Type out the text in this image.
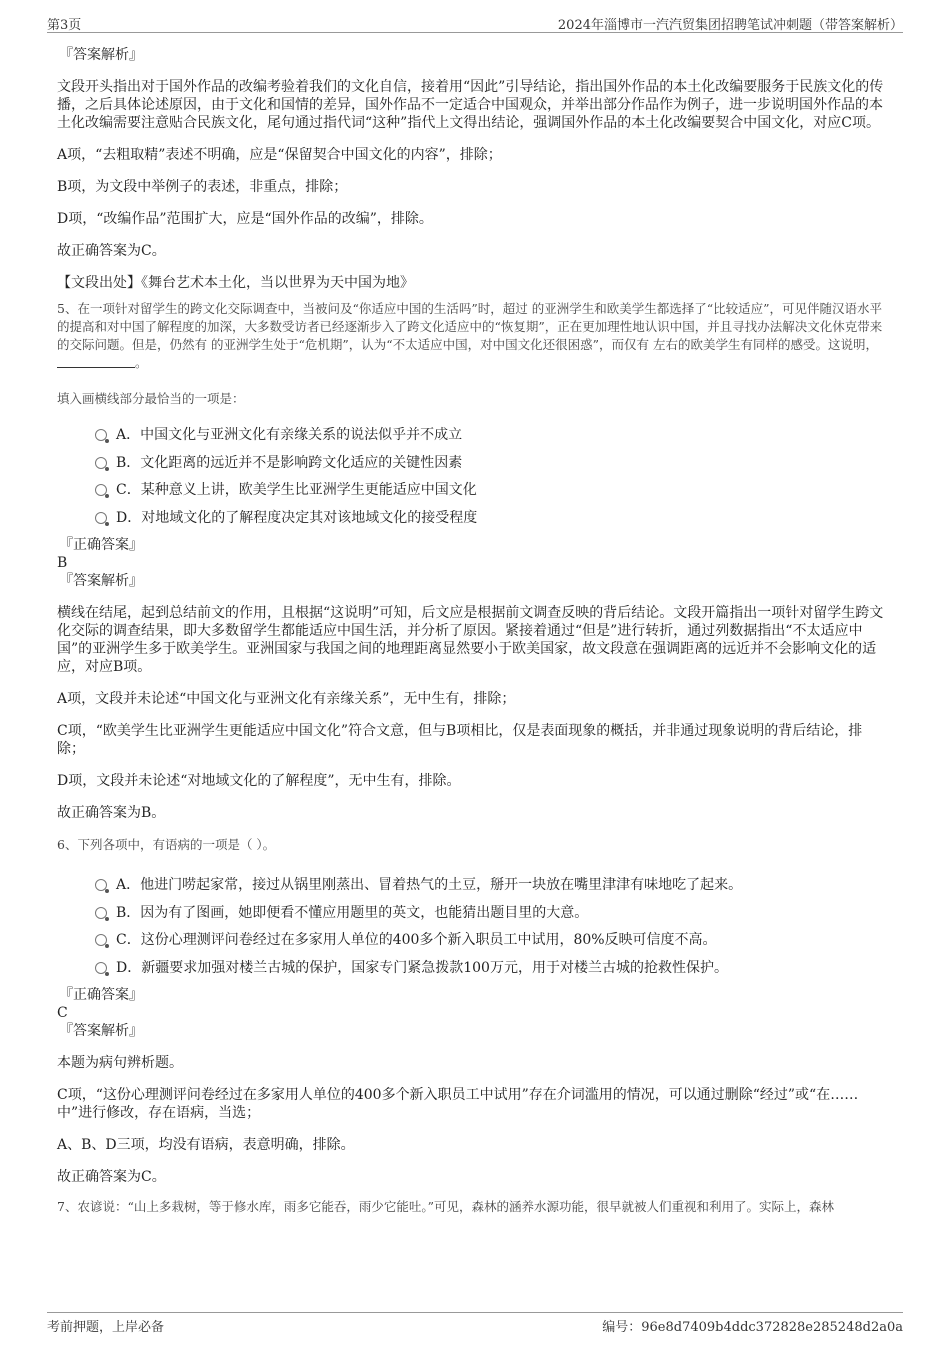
第3页	2024年淄博市一汽汽贸集团招聘笔试冲刺题（带答案解析）

『答案解析』

文段开头指出对于国外作品的改编考验着我们的文化自信，接着用“因此”引导结论，指出国外作品的本土化改编要服务于民族文化的传播，之后具体论述原因，由于文化和国情的差异，国外作品不一定适合中国观众，并举出部分作品作为例子，进一步说明国外作品的本土化改编需要注意贴合民族文化，尾句通过指代词“这种”指代上文得出结论，强调国外作品的本土化改编要契合中国文化，对应C项。

A项，“去粗取精”表述不明确，应是“保留契合中国文化的内容”，排除；

B项，为文段中举例子的表述，非重点，排除；

D项，“改编作品”范围扩大，应是“国外作品的改编”，排除。

故正确答案为C。

【文段出处】《舞台艺术本土化，当以世界为天中国为地》

5、在一项针对留学生的跨文化交际调查中，当被问及“你适应中国的生活吗”时，超过 的亚洲学生和欧美学生都选择了“比较适应”，可见伴随汉语水平的提高和对中国了解程度的加深，大多数受访者已经逐渐步入了跨文化适应中的“恢复期”，正在更加理性地认识中国，并且寻找办法解决文化休克带来的交际问题。但是，仍然有 的亚洲学生处于“危机期”，认为“不太适应中国，对中国文化还很困惑”，而仅有 左右的欧美学生有同样的感受。这说明，。

填入画横线部分最恰当的一项是：

A．中国文化与亚洲文化有亲缘关系的说法似乎并不成立
B．文化距离的远近并不是影响跨文化适应的关键性因素
C．某种意义上讲，欧美学生比亚洲学生更能适应中国文化
D．对地域文化的了解程度决定其对该地域文化的接受程度

『正确答案』

B

『答案解析』

横线在结尾，起到总结前文的作用，且根据“这说明”可知，后文应是根据前文调查反映的背后结论。文段开篇指出一项针对留学生跨文化交际的调查结果，即大多数留学生都能适应中国生活，并分析了原因。紧接着通过“但是”进行转折，通过列数据指出“不太适应中国”的亚洲学生多于欧美学生。亚洲国家与我国之间的地理距离显然要小于欧美国家，故文段意在强调距离的远近并不会影响文化的适应，对应B项。

A项，文段并未论述“中国文化与亚洲文化有亲缘关系”，无中生有，排除；

C项，“欧美学生比亚洲学生更能适应中国文化”符合文意，但与B项相比，仅是表面现象的概括，并非通过现象说明的背后结论，排除；

D项，文段并未论述“对地域文化的了解程度”，无中生有，排除。

故正确答案为B。

6、下列各项中，有语病的一项是（ ）。

A．他进门唠起家常，接过从锅里刚蒸出、冒着热气的土豆，掰开一块放在嘴里津津有味地吃了起来。
B．因为有了图画，她即便看不懂应用题里的英文，也能猜出题目里的大意。
C．这份心理测评问卷经过在多家用人单位的400多个新入职员工中试用，80%反映可信度不高。
D．新疆要求加强对楼兰古城的保护，国家专门紧急拨款100万元，用于对楼兰古城的抢救性保护。

『正确答案』

C

『答案解析』

本题为病句辨析题。

C项，“这份心理测评问卷经过在多家用人单位的400多个新入职员工中试用”存在介词滥用的情况，可以通过删除“经过”或“在……中”进行修改，存在语病，当选；

A、B、D三项，均没有语病，表意明确，排除。

故正确答案为C。

7、农谚说：“山上多栽树，等于修水库，雨多它能吞，雨少它能吐。”可见，森林的涵养水源功能，很早就被人们重视和利用了。实际上，森林

考前押题，上岸必备	编号：96e8d7409b4ddc372828e285248d2a0a
